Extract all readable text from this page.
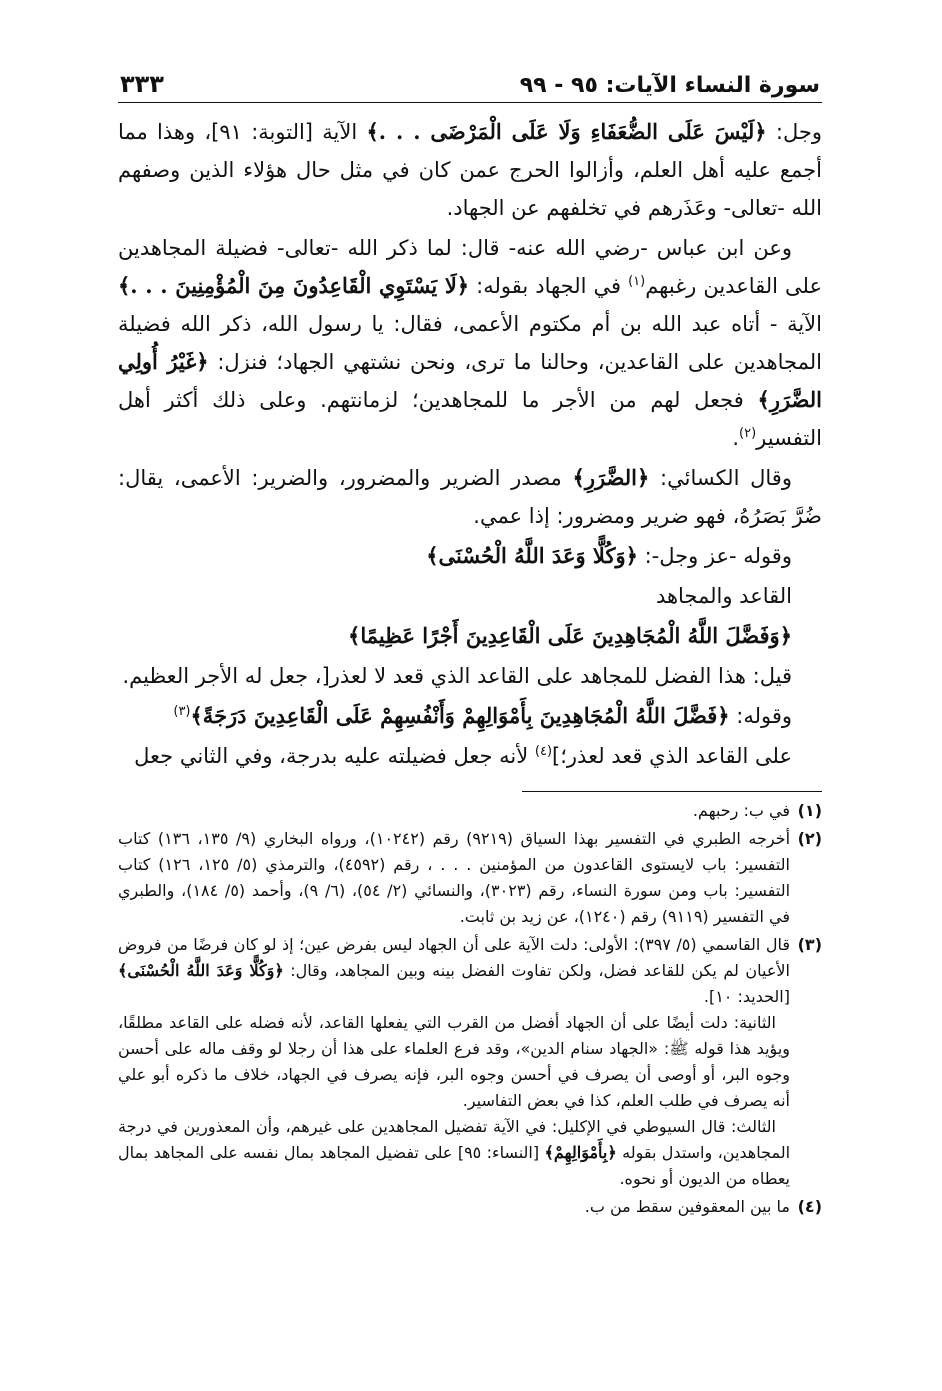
سورة النساء الآيات: ٩٥ - ٩٩
٣٣٣

وجل: ﴿لَيْسَ عَلَى الضُّعَفَاءِ وَلَا عَلَى الْمَرْضَى . . .﴾ الآية [التوبة: ٩١]، وهذا مما أجمع عليه أهل العلم، وأزالوا الحرج عمن كان في مثل حال هؤلاء الذين وصفهم الله -تعالى- وعَذَرهم في تخلفهم عن الجهاد.

وعن ابن عباس -رضي الله عنه- قال: لما ذكر الله -تعالى- فضيلة المجاهدين على القاعدين رغبهم$^{(١)}$ في الجهاد بقوله: ﴿لَا يَسْتَوِي الْقَاعِدُونَ مِنَ الْمُؤْمِنِينَ . . .﴾ الآية - أتاه عبد الله بن أم مكتوم الأعمى، فقال: يا رسول الله، ذكر الله فضيلة المجاهدين على القاعدين، وحالنا ما ترى، ونحن نشتهي الجهاد؛ فنزل: ﴿غَيْرُ أُولِي الضَّرَرِ﴾ فجعل لهم من الأجر ما للمجاهدين؛ لزمانتهم. وعلى ذلك أكثر أهل التفسير$^{(٢)}$.

وقال الكسائي: ﴿الضَّرَرِ﴾ مصدر الضرير والمضرور، والضرير: الأعمى، يقال: ضُرَّ بَصَرُهُ، فهو ضرير ومضرور: إذا عمي.

وقوله -عز وجل-: ﴿وَكُلًّا وَعَدَ اللَّهُ الْحُسْنَى﴾

القاعد والمجاهد

﴿وَفَضَّلَ اللَّهُ الْمُجَاهِدِينَ عَلَى الْقَاعِدِينَ أَجْرًا عَظِيمًا﴾

قيل: هذا الفضل للمجاهد على القاعد الذي قعد لا لعذر[، جعل له الأجر العظيم.

وقوله: ﴿فَضَّلَ اللَّهُ الْمُجَاهِدِينَ بِأَمْوَالِهِمْ وَأَنْفُسِهِمْ عَلَى الْقَاعِدِينَ دَرَجَةً﴾$^{(٣)}$

على القاعد الذي قعد لعذر؛]$^{(٤)}$ لأنه جعل فضيلته عليه بدرجة، وفي الثاني جعل

(١)

في ب: رحبهم.

(٢)

أخرجه الطبري في التفسير بهذا السياق (٩٢١٩) رقم (١٠٢٤٢)، ورواه البخاري (٩/ ١٣٥، ١٣٦) كتاب التفسير: باب لايستوى القاعدون من المؤمنين . . . ، رقم (٤٥٩٢)، والترمذي (٥/ ١٢٥، ١٢٦) كتاب التفسير: باب ومن سورة النساء، رقم (٣٠٢٣)، والنسائي (٢/ ٥٤)، (٦/ ٩)، وأحمد (٥/ ١٨٤)، والطبري في التفسير (٩١١٩) رقم (١٢٤٠)، عن زيد بن ثابت.

(٣)

قال القاسمي (٥/ ٣٩٧): الأولى: دلت الآية على أن الجهاد ليس بفرض عين؛ إذ لو كان فرضًا من فروض الأعيان لم يكن للقاعد فضل، ولكن تفاوت الفضل بينه وبين المجاهد، وقال: ﴿وَكُلًّا وَعَدَ اللَّهُ الْحُسْنَى﴾ [الحديد: ١٠].

الثانية: دلت أيضًا على أن الجهاد أفضل من القرب التي يفعلها القاعد، لأنه فضله على القاعد مطلقًا، ويؤيد هذا قوله ﷺ: «الجهاد سنام الدين»، وقد فرع العلماء على هذا أن رجلا لو وقف ماله على أحسن وجوه البر، أو أوصى أن يصرف في أحسن وجوه البر، فإنه يصرف في الجهاد، خلاف ما ذكره أبو علي أنه يصرف في طلب العلم، كذا في بعض التفاسير.

الثالث: قال السيوطي في الإكليل: في الآية تفضيل المجاهدين على غيرهم، وأن المعذورين في درجة المجاهدين، واستدل بقوله ﴿بِأَمْوَالِهِمْ﴾ [النساء: ٩٥] على تفضيل المجاهد بمال نفسه على المجاهد بمال يعطاه من الديون أو نحوه.

(٤)

ما بين المعقوفين سقط من ب.
